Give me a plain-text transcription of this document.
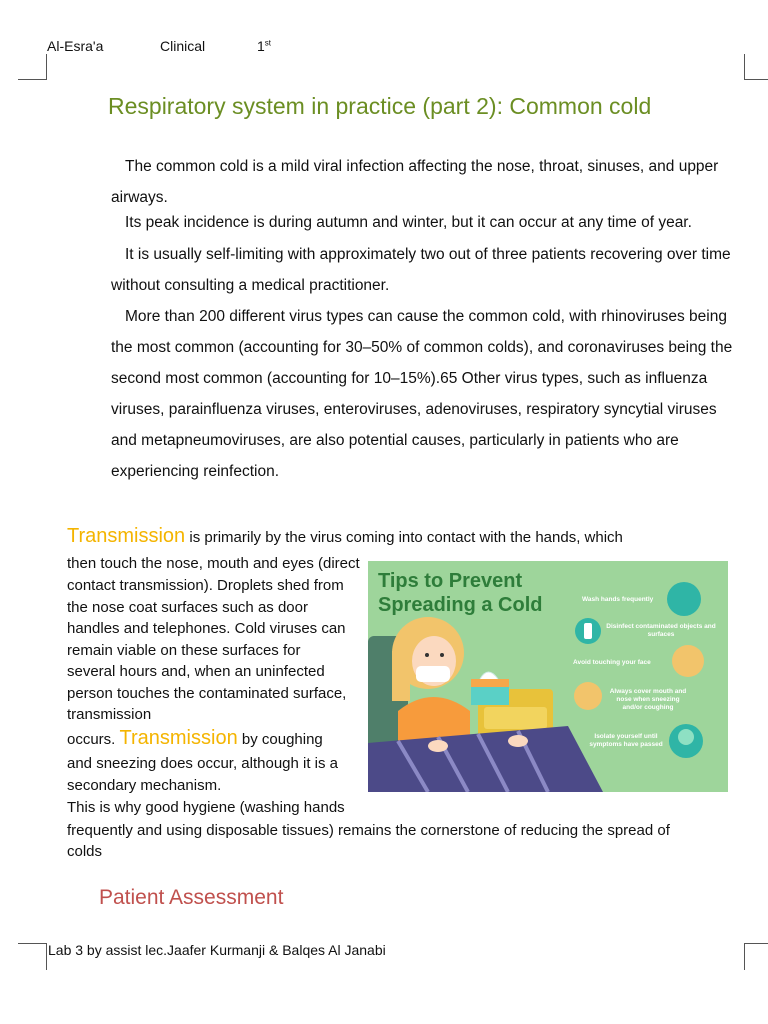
Al-Esra'a	Clinical	1st
Respiratory system in practice (part 2): Common cold

The common cold is a mild viral infection affecting the nose, throat, sinuses, and upper airways.

Its peak incidence is during autumn and winter, but it can occur at any time of year.

It is usually self-limiting with approximately two out of three patients recovering over time without consulting a medical practitioner.

More than 200 different virus types can cause the common cold, with rhinoviruses being the most common (accounting for 30–50% of common colds), and coronaviruses being the second most common (accounting for 10–15%).65 Other virus types, such as influenza viruses, parainfluenza viruses, enteroviruses, adenoviruses, respiratory syncytial viruses and metapneumoviruses, are also potential causes, particularly in patients who are experiencing reinfection.

Transmission is primarily by the virus coming into contact with the hands, which
then touch the nose, mouth and eyes (direct
contact transmission). Droplets shed from the nose coat surfaces such as door handles and telephones. Cold viruses can remain viable on these surfaces for several hours and, when an uninfected person touches the contaminated surface, transmission
occurs. Transmission by coughing
and sneezing does occur, although it is a secondary mechanism.
This is why good hygiene (washing hands
frequently and using disposable tissues) remains the cornerstone of reducing the spread of
colds
Tips to Prevent
Spreading a Cold	Wash hands frequently
Disinfect contaminated objects and surfaces
Avoid touching your face
Always cover mouth and nose when sneezing and/or coughing
Isolate yourself until symptoms have passed
Patient Assessment
Lab 3 by assist lec.Jaafer Kurmanji & Balqes Al Janabi
